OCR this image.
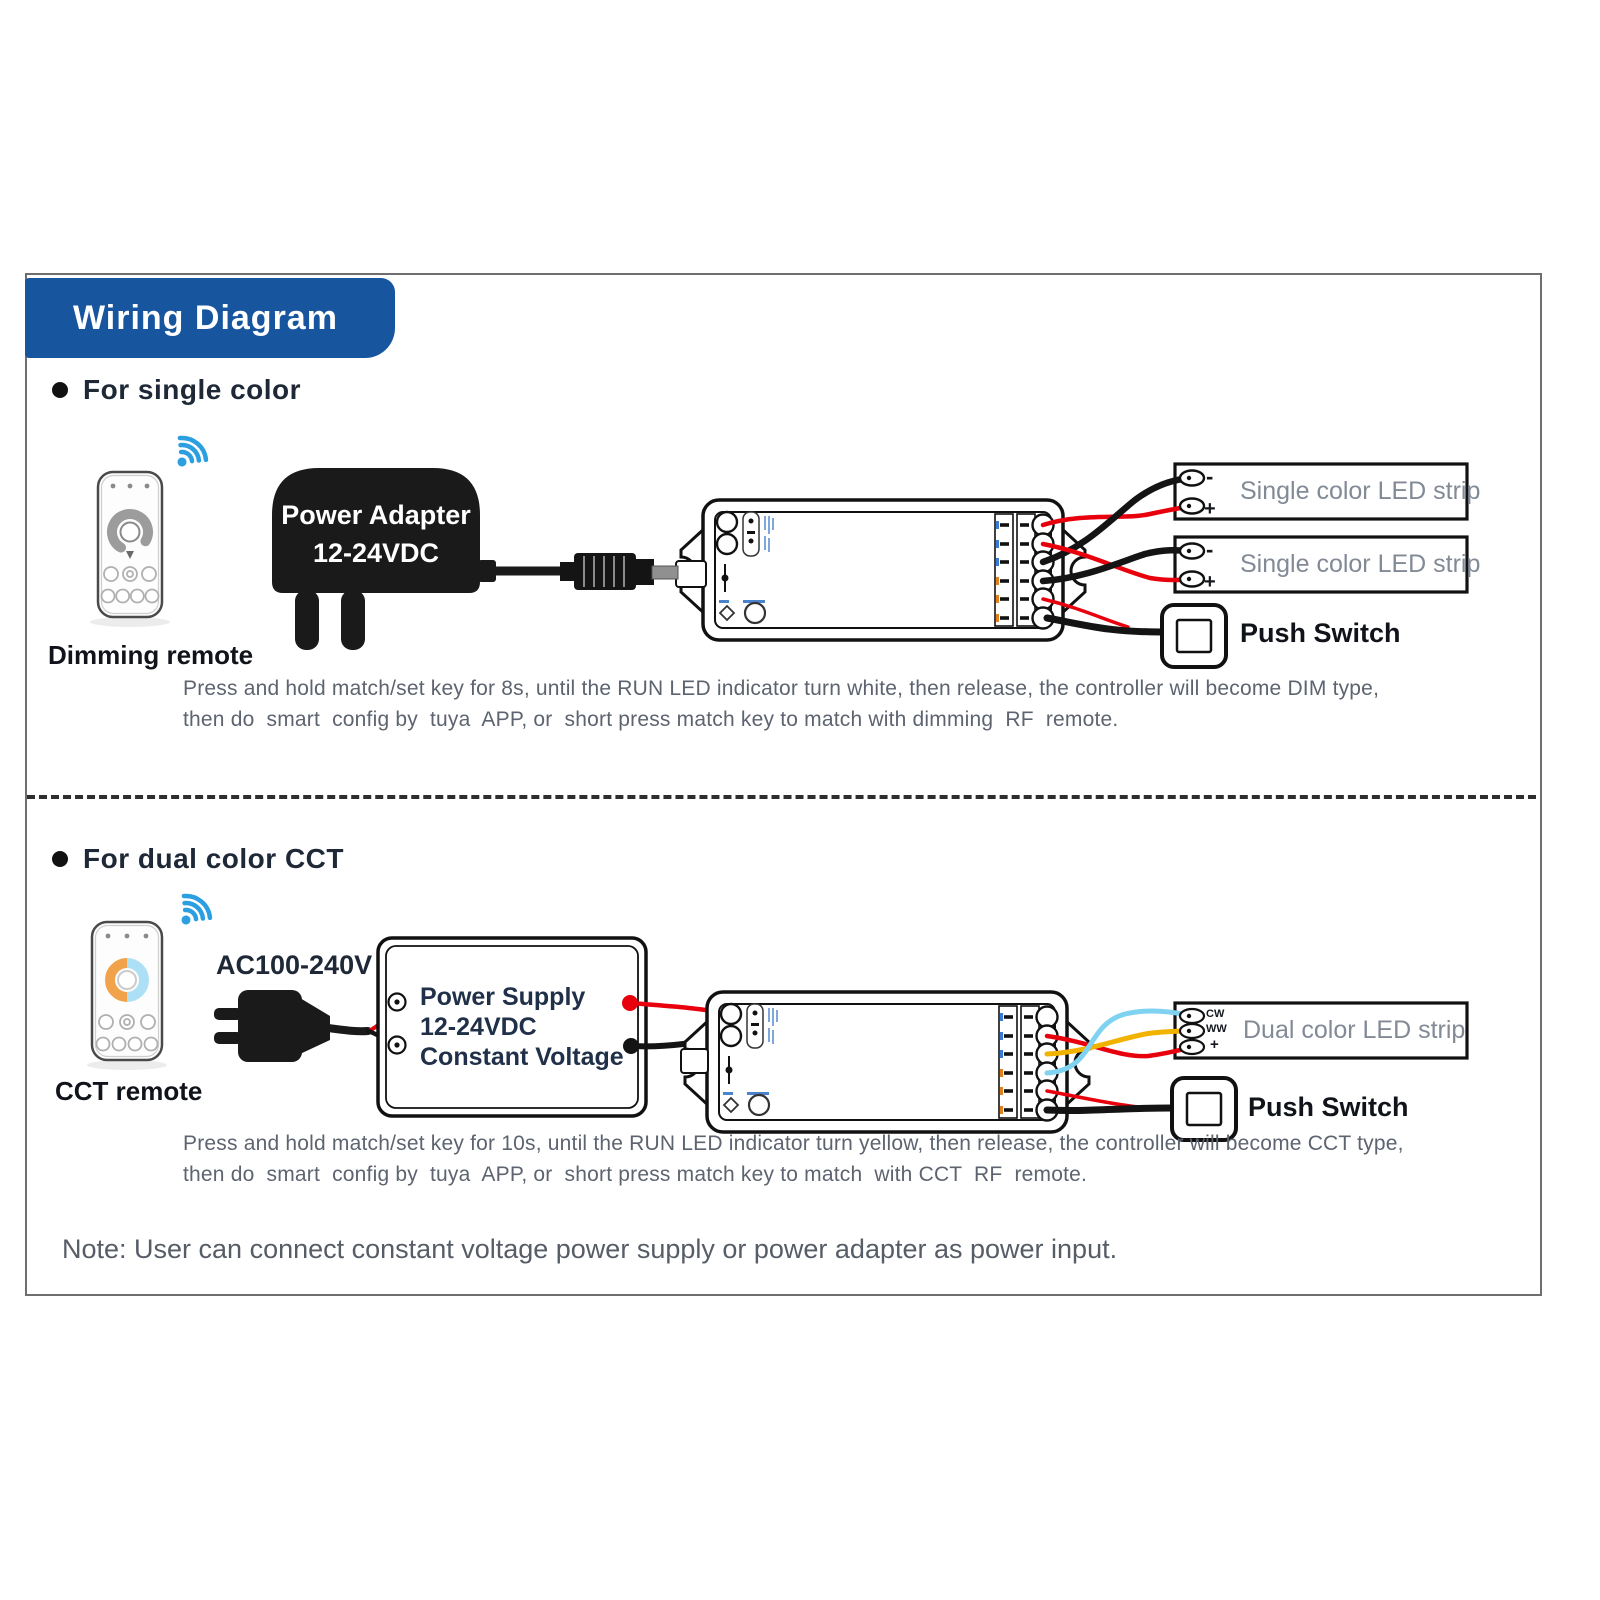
Wiring Diagram
For single color
Dimming remote
Power Adapter
12-24VDC
Single color LED strip
Single color LED strip
-
+
-
+
Push Switch
Press and hold match/set key for 8s, until the RUN LED indicator turn white, then release, the controller will become DIM type,
then do  smart  config by  tuya  APP, or  short press match key to match with dimming  RF  remote.
For dual color CCT
AC100-240V
Power Supply
12-24VDC
Constant Voltage
CCT remote
CW
WW
+
Dual color LED strip
Push Switch
Press and hold match/set key for 10s, until the RUN LED indicator turn yellow, then release, the controller will become CCT type,
then do  smart  config by  tuya  APP, or  short press match key to match  with CCT  RF  remote.
Note: User can connect constant voltage power supply or power adapter as power input.
